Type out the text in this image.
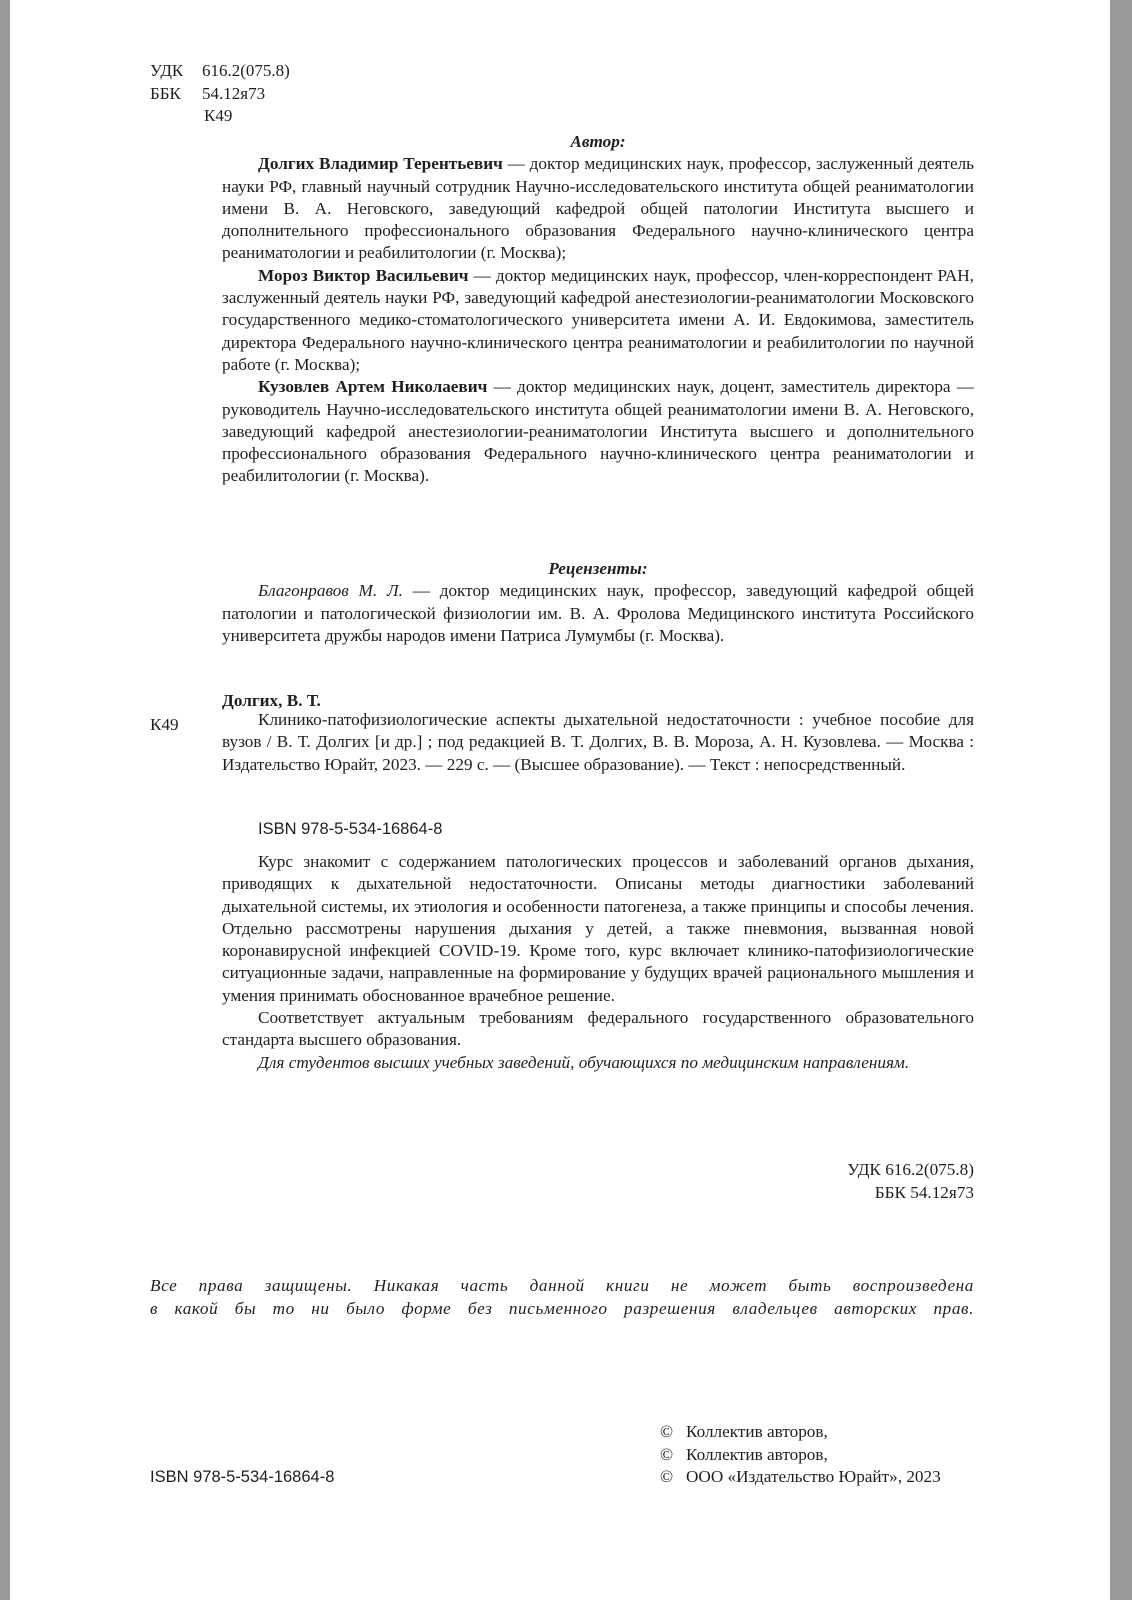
УДК 616.2(075.8)
ББК 54.12я73
К49
Автор:

Долгих Владимир Терентьевич — доктор медицинских наук, профессор, заслуженный деятель науки РФ, главный научный сотрудник Научно-исследовательского института общей реаниматологии имени В. А. Неговского, заведующий кафедрой общей патологии Института высшего и дополнительного профессионального образования Федерального научно-клинического центра реаниматологии и реабилитологии (г. Москва);

Мороз Виктор Васильевич — доктор медицинских наук, профессор, член-корреспондент РАН, заслуженный деятель науки РФ, заведующий кафедрой анестезиологии-реаниматологии Московского государственного медико-стоматологического университета имени А. И. Евдокимова, заместитель директора Федерального научно-клинического центра реаниматологии и реабилитологии по научной работе (г. Москва);

Кузовлев Артем Николаевич — доктор медицинских наук, доцент, заместитель директора — руководитель Научно-исследовательского института общей реаниматологии имени В. А. Неговского, заведующий кафедрой анестезиологии-реаниматологии Института высшего и дополнительного профессионального образования Федерального научно-клинического центра реаниматологии и реабилитологии (г. Москва).

Рецензенты:

Благонравов М. Л. — доктор медицинских наук, профессор, заведующий кафедрой общей патологии и патологической физиологии им. В. А. Фролова Медицинского института Российского университета дружбы народов имени Патриса Лумумбы (г. Москва).

К49
Долгих, В. Т.

Клинико-патофизиологические аспекты дыхательной недостаточности : учебное пособие для вузов / В. Т. Долгих [и др.] ; под редакцией В. Т. Долгих, В. В. Мороза, А. Н. Кузовлева. — Москва : Издательство Юрайт, 2023. — 229 с. — (Высшее образование). — Текст : непосредственный.

ISBN 978-5-534-16864-8

Курс знакомит с содержанием патологических процессов и заболеваний органов дыхания, приводящих к дыхательной недостаточности. Описаны методы диагностики заболеваний дыхательной системы, их этиология и особенности патогенеза, а также принципы и способы лечения. Отдельно рассмотрены нарушения дыхания у детей, а также пневмония, вызванная новой коронавирусной инфекцией COVID-19. Кроме того, курс включает клинико-патофизиологические ситуационные задачи, направленные на формирование у будущих врачей рационального мышления и умения принимать обоснованное врачебное решение.

Соответствует актуальным требованиям федерального государственного образовательного стандарта высшего образования.

Для студентов высших учебных заведений, обучающихся по медицинским направлениям.

УДК 616.2(075.8)
ББК 54.12я73
Все права защищены. Никакая часть данной книги не может быть воспроизведена
в какой бы то ни было форме без письменного разрешения владельцев авторских прав.
ISBN 978-5-534-16864-8
© Коллектив авторов,
© Коллектив авторов,
© ООО «Издательство Юрайт», 2023
